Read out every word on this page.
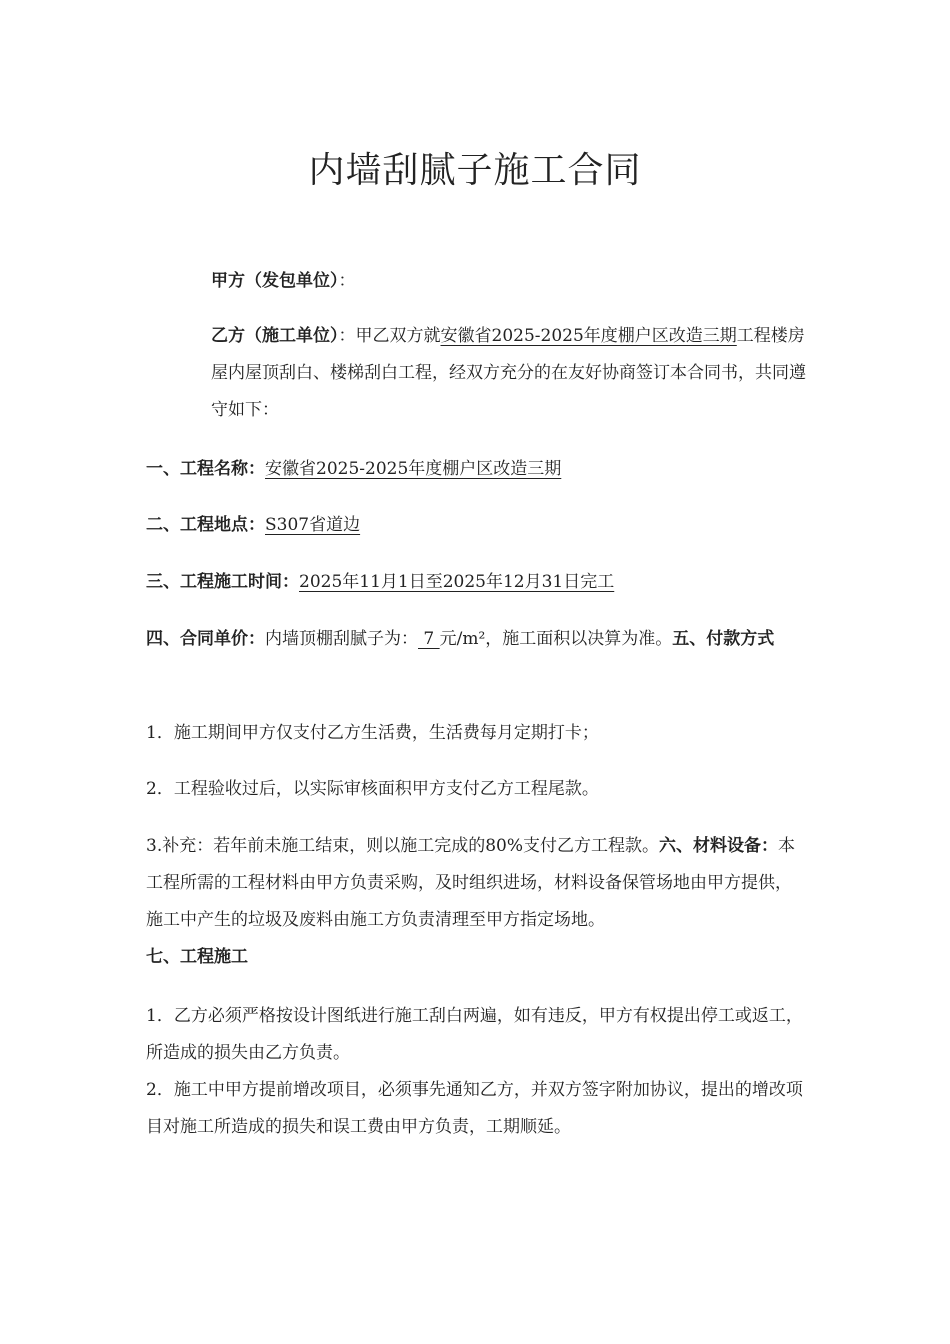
内墙刮腻子施工合同

甲方（发包单位）：

乙方（施工单位）：甲乙双方就安徽省2025-2025年度棚户区改造三期工程楼房屋内屋顶刮白、楼梯刮白工程，经双方充分的在友好协商签订本合同书，共同遵守如下：

一、工程名称：安徽省2025-2025年度棚户区改造三期

二、工程地点：S307省道边

三、工程施工时间：2025年11月1日至2025年12月31日完工

四、合同单价：内墙顶棚刮腻子为： 7 元/m²，施工面积以决算为准。五、付款方式

1．施工期间甲方仅支付乙方生活费，生活费每月定期打卡；

2．工程验收过后，以实际审核面积甲方支付乙方工程尾款。

3.补充：若年前未施工结束，则以施工完成的80%支付乙方工程款。六、材料设备：本工程所需的工程材料由甲方负责采购，及时组织进场，材料设备保管场地由甲方提供，施工中产生的垃圾及废料由施工方负责清理至甲方指定场地。

七、工程施工

1．乙方必须严格按设计图纸进行施工刮白两遍，如有违反，甲方有权提出停工或返工，所造成的损失由乙方负责。

2．施工中甲方提前增改项目，必须事先通知乙方，并双方签字附加协议，提出的增改项目对施工所造成的损失和误工费由甲方负责，工期顺延。
